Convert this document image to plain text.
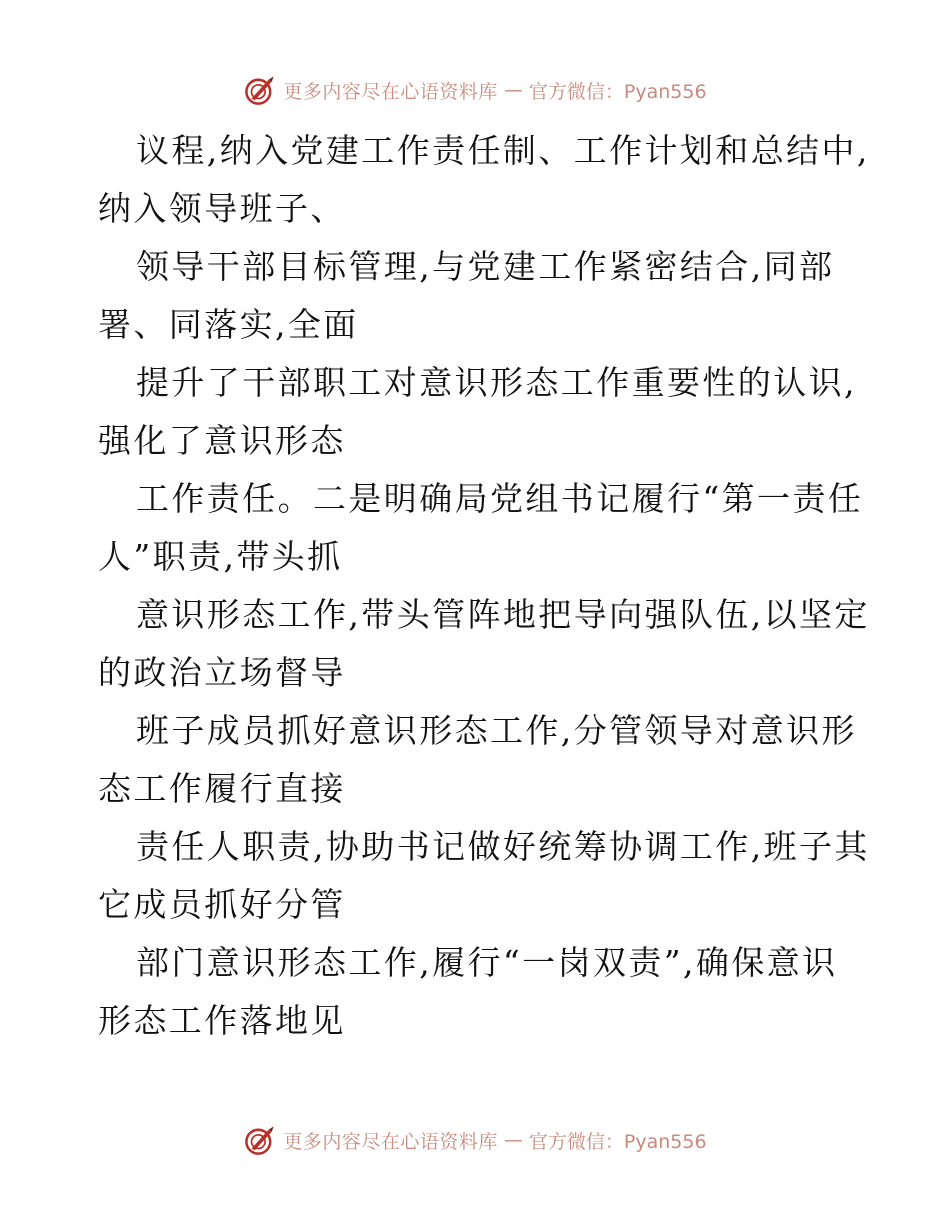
更多内容尽在心语资料库 — 官方微信：Pyan556

议程,纳入党建工作责任制、工作计划和总结中,
纳入领导班子、

领导干部目标管理,与党建工作紧密结合,同部
署、同落实,全面

提升了干部职工对意识形态工作重要性的认识,
强化了意识形态

工作责任。二是明确局党组书记履行“第一责任
人”职责,带头抓

意识形态工作,带头管阵地把导向强队伍,以坚定
的政治立场督导

班子成员抓好意识形态工作,分管领导对意识形
态工作履行直接

责任人职责,协助书记做好统筹协调工作,班子其
它成员抓好分管

部门意识形态工作,履行“一岗双责”,确保意识
形态工作落地见

更多内容尽在心语资料库 — 官方微信：Pyan556
